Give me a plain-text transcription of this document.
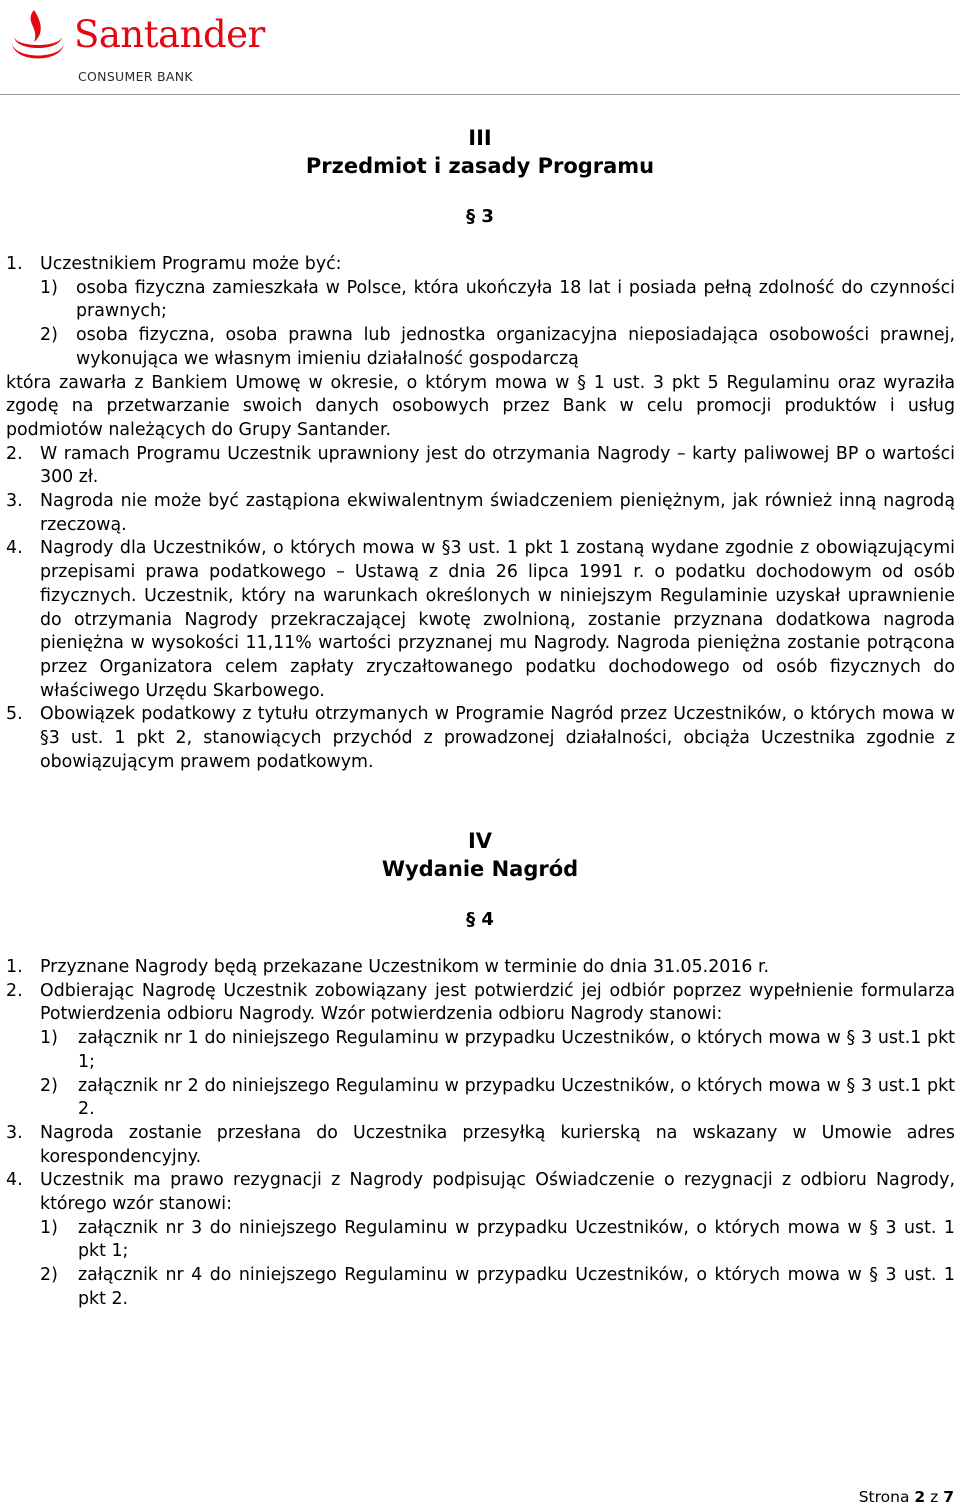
Santander
CONSUMER BANK
III
Przedmiot i zasady Programu
§ 3
1. Uczestnikiem Programu może być:
1) osoba fizyczna zamieszkała w Polsce, która ukończyła 18 lat i posiada pełną zdolność do czynności prawnych;
2) osoba fizyczna, osoba prawna lub jednostka organizacyjna nieposiadająca osobowości prawnej, wykonująca we własnym imieniu działalność gospodarczą
która zawarła z Bankiem Umowę w okresie, o którym mowa w § 1 ust. 3 pkt 5 Regulaminu oraz wyraziła zgodę na przetwarzanie swoich danych osobowych przez Bank w celu promocji produktów i usług podmiotów należących do Grupy Santander.
2. W ramach Programu Uczestnik uprawniony jest do otrzymania Nagrody – karty paliwowej BP o wartości 300 zł.
3. Nagroda nie może być zastąpiona ekwiwalentnym świadczeniem pieniężnym, jak również inną nagrodą rzeczową.
4. Nagrody dla Uczestników, o których mowa w §3 ust. 1 pkt 1 zostaną wydane zgodnie z obowiązującymi przepisami prawa podatkowego – Ustawą z dnia 26 lipca 1991 r. o podatku dochodowym od osób fizycznych. Uczestnik, który na warunkach określonych w niniejszym Regulaminie uzyskał uprawnienie do otrzymania Nagrody przekraczającej kwotę zwolnioną, zostanie przyznana dodatkowa nagroda pieniężna w wysokości 11,11% wartości przyznanej mu Nagrody. Nagroda pieniężna zostanie potrącona przez Organizatora celem zapłaty zryczałtowanego podatku dochodowego od osób fizycznych do właściwego Urzędu Skarbowego.
5. Obowiązek podatkowy z tytułu otrzymanych w Programie Nagród przez Uczestników, o których mowa w §3 ust. 1 pkt 2, stanowiących przychód z prowadzonej działalności, obciąża Uczestnika zgodnie z obowiązującym prawem podatkowym.
IV
Wydanie Nagród
§ 4
1. Przyznane Nagrody będą przekazane Uczestnikom w terminie do dnia 31.05.2016 r.
2. Odbierając Nagrodę Uczestnik zobowiązany jest potwierdzić jej odbiór poprzez wypełnienie formularza Potwierdzenia odbioru Nagrody. Wzór potwierdzenia odbioru Nagrody stanowi:
1) załącznik nr 1 do niniejszego Regulaminu w przypadku Uczestników, o których mowa w § 3 ust.1 pkt 1;
2) załącznik nr 2 do niniejszego Regulaminu w przypadku Uczestników, o których mowa w § 3 ust.1 pkt 2.
3. Nagroda zostanie przesłana do Uczestnika przesyłką kurierską na wskazany w Umowie adres korespondencyjny.
4. Uczestnik ma prawo rezygnacji z Nagrody podpisując Oświadczenie o rezygnacji z odbioru Nagrody, którego wzór stanowi:
1) załącznik nr 3 do niniejszego Regulaminu w przypadku Uczestników, o których mowa w § 3 ust. 1 pkt 1;
2) załącznik nr 4 do niniejszego Regulaminu w przypadku Uczestników, o których mowa w § 3 ust. 1 pkt 2.
Strona 2 z 7
